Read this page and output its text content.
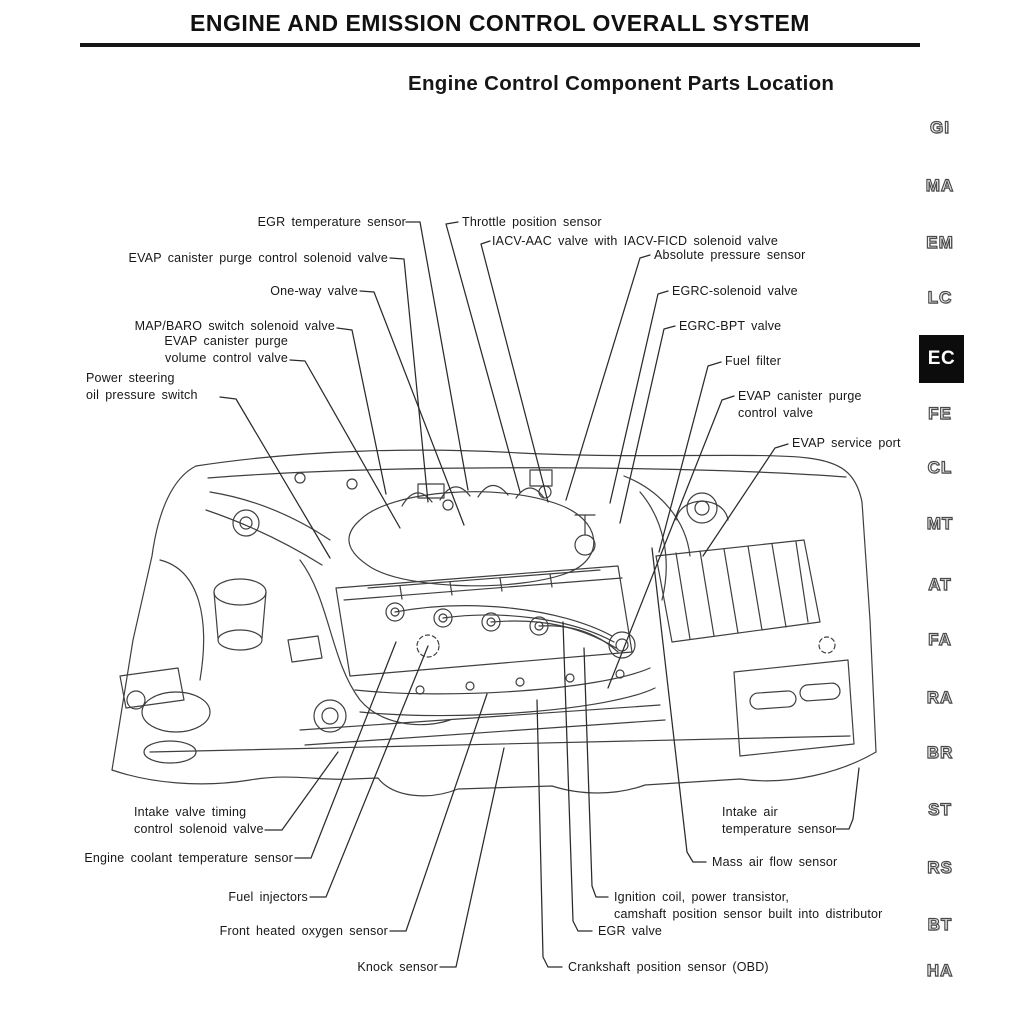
ENGINE AND EMISSION CONTROL OVERALL SYSTEM
Engine Control Component Parts Location
GI
MA
EM
LC
EC
FE
CL
MT
AT
FA
RA
BR
ST
RS
BT
HA
EGR temperature sensor	Throttle position sensor
IACV-AAC valve with IACV-FICD solenoid valve
Absolute pressure sensor
EVAP canister purge control solenoid valve
One-way valve	EGRC-solenoid valve
EGRC-BPT valve
MAP/BARO switch solenoid valve
EVAP canister purge
volume control valve	Fuel filter
Power steering
oil pressure switch	EVAP canister purge
control valve
EVAP service port
Intake valve timing
control solenoid valve
Engine coolant temperature sensor
Fuel injectors
Front heated oxygen sensor
Knock sensor	Crankshaft position sensor (OBD)
EGR valve
Ignition coil, power transistor,
camshaft position sensor built into distributor
Mass air flow sensor
Intake air
temperature sensor
